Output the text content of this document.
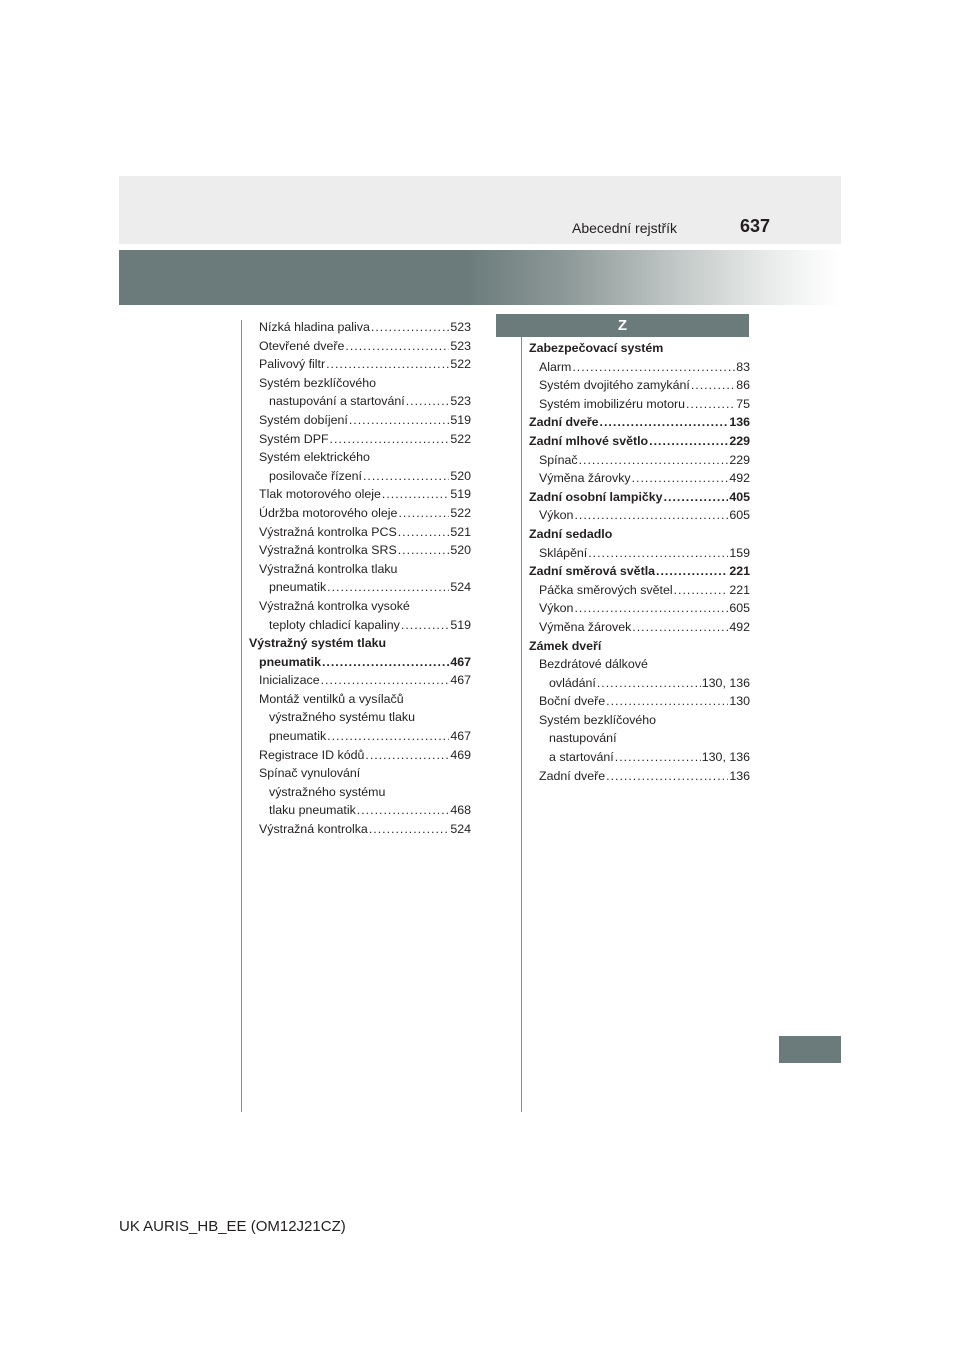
Abecední rejstřík	637
Z
Nízká hladina paliva .....	523
Otevřené dveře .....	523
Palivový filtr .....	522
Systém bezklíčového
nastupování a startování .....	523
Systém dobíjení .....	519
Systém DPF .....	522
Systém elektrického
posilovače řízení .....	520
Tlak motorového oleje .....	519
Údržba motorového oleje .....	522
Výstražná kontrolka PCS .....	521
Výstražná kontrolka SRS .....	520
Výstražná kontrolka tlaku
pneumatik .....	524
Výstražná kontrolka vysoké
teploty chladicí kapaliny .....	519
Výstražný systém tlaku
pneumatik .....	467
Inicializace .....	467
Montáž ventilků a vysílačů
výstražného systému tlaku
pneumatik .....	467
Registrace ID kódů .....	469
Spínač vynulování
výstražného systému
tlaku pneumatik .....	468
Výstražná kontrolka .....	524
Zabezpečovací systém
Alarm .....	83
Systém dvojitého zamykání .....	86
Systém imobilizéru motoru .....	75
Zadní dveře .....	136
Zadní mlhové světlo .....	229
Spínač .....	229
Výměna žárovky .....	492
Zadní osobní lampičky .....	405
Výkon .....	605
Zadní sedadlo
Sklápění .....	159
Zadní směrová světla .....	221
Páčka směrových světel .....	221
Výkon .....	605
Výměna žárovek .....	492
Zámek dveří
Bezdrátové dálkové
ovládání .....	130, 136
Boční dveře .....	130
Systém bezklíčového
nastupování
a startování .....	130, 136
Zadní dveře .....	136
UK AURIS_HB_EE (OM12J21CZ)
